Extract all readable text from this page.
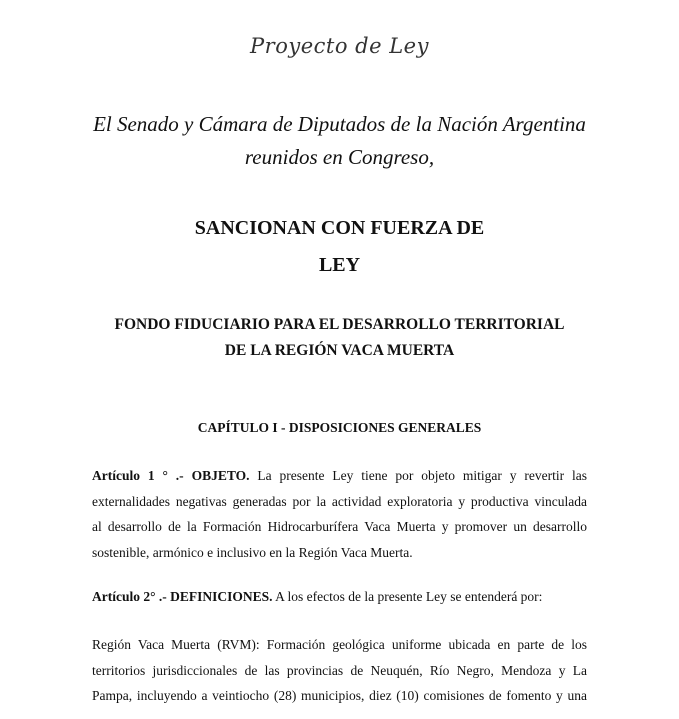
Proyecto de Ley
El Senado y Cámara de Diputados de la Nación Argentina
reunidos en Congreso,
SANCIONAN CON FUERZA DE
LEY
FONDO FIDUCIARIO PARA EL DESARROLLO TERRITORIAL
DE LA REGIÓN VACA MUERTA
CAPÍTULO I - DISPOSICIONES GENERALES
Artículo 1 ° .- OBJETO. La presente Ley tiene por objeto mitigar y revertir las
externalidades negativas generadas por la actividad exploratoria y productiva vinculada
al desarrollo de la Formación Hidrocarburífera Vaca Muerta y promover un desarrollo
sostenible, armónico e inclusivo en la Región Vaca Muerta.
Artículo 2° .- DEFINICIONES. A los efectos de la presente Ley se entenderá por:
Región Vaca Muerta (RVM): Formación geológica uniforme ubicada en parte de los
territorios jurisdiccionales de las provincias de Neuquén, Río Negro, Mendoza y La
Pampa, incluyendo a veintiocho (28) municipios, diez (10) comisiones de fomento y una
